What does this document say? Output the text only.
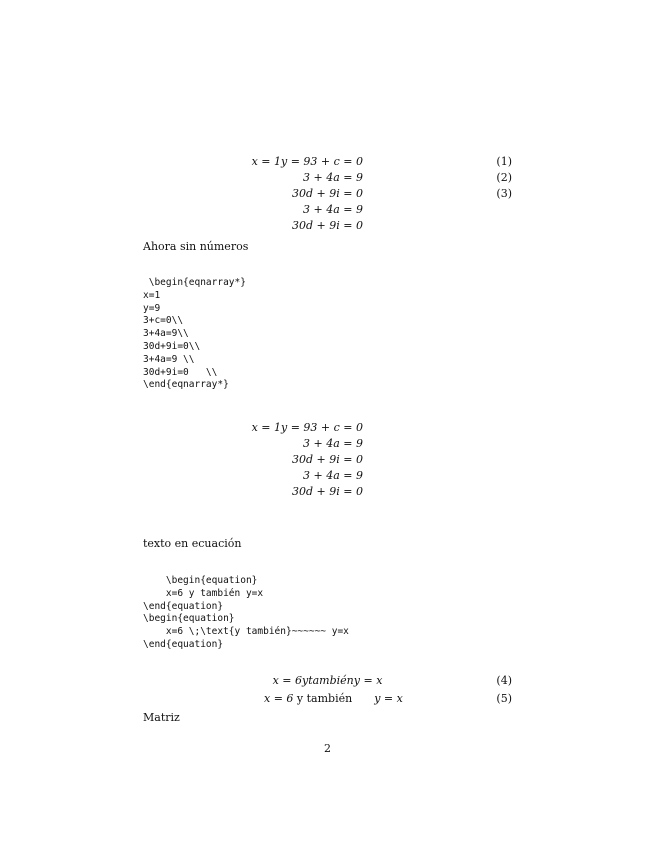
x = 1y = 93 + c = 0	(1)
3 + 4a = 9	(2)
30d + 9i = 0	(3)
3 + 4a = 9
30d + 9i = 0
Ahora sin números
\begin{eqnarray*}
x=1
y=9
3+c=0\\
3+4a=9\\
30d+9i=0\\
3+4a=9 \\
30d+9i=0   \\
\end{eqnarray*}
x = 1y = 93 + c = 0
3 + 4a = 9
30d + 9i = 0
3 + 4a = 9
30d + 9i = 0
texto en ecuación
\begin{equation}
x=6 y también y=x
\end{equation}
\begin{equation}
x=6 \;\text{y también}~~~~~~ y=x
\end{equation}
x = 6ytambiény = x	(4)
x = 6 y también y = x	(5)
Matriz
2
